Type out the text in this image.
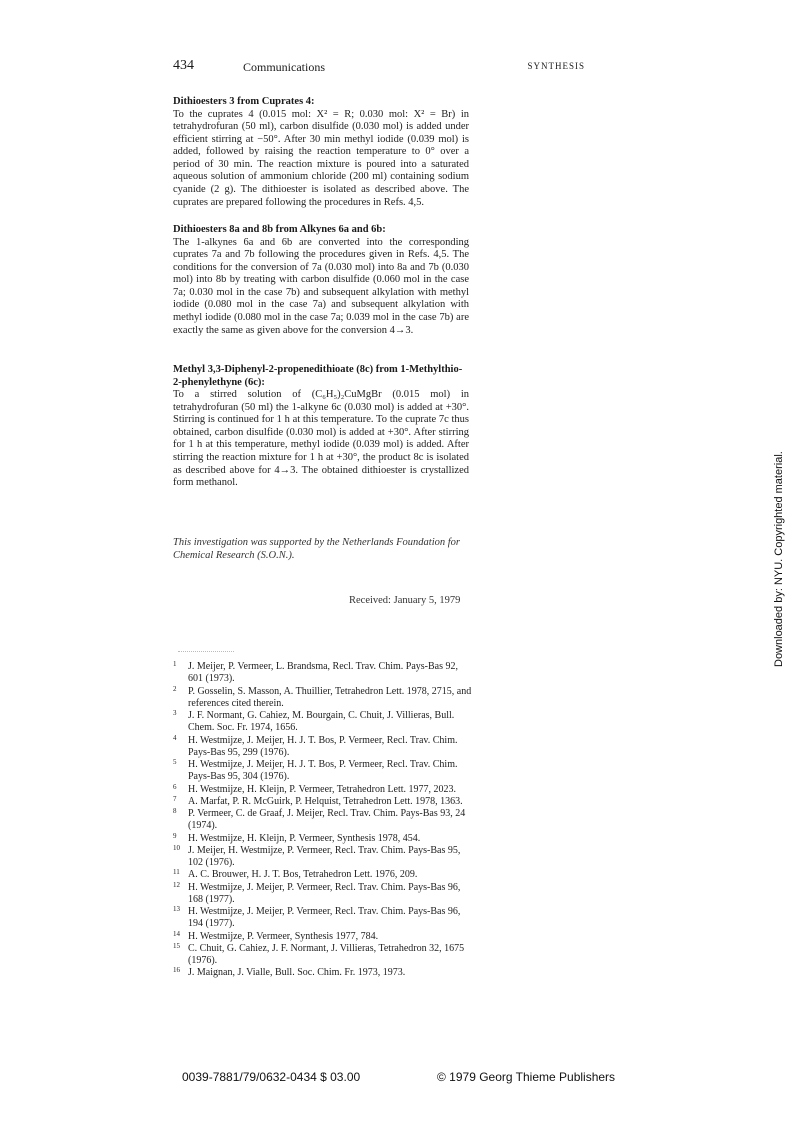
434	Communications	SYNTHESIS
Dithioesters 3 from Cuprates 4:

To the cuprates 4 (0.015 mol: X² = R; 0.030 mol: X² = Br) in tetrahydrofuran (50 ml), carbon disulfide (0.030 mol) is added under efficient stirring at −50°. After 30 min methyl iodide (0.039 mol) is added, followed by raising the reaction temperature to 0° over a period of 30 min. The reaction mixture is poured into a saturated aqueous solution of ammonium chloride (200 ml) containing sodium cyanide (2 g). The dithioester is isolated as described above. The cuprates are prepared following the procedures in Refs. 4,5.

Dithioesters 8a and 8b from Alkynes 6a and 6b:

The 1-alkynes 6a and 6b are converted into the corresponding cuprates 7a and 7b following the procedures given in Refs. 4,5. The conditions for the conversion of 7a (0.030 mol) into 8a and 7b (0.030 mol) into 8b by treating with carbon disulfide (0.060 mol in the case 7a; 0.030 mol in the case 7b) and subsequent alkylation with methyl iodide (0.080 mol in the case 7a) and subsequent alkylation with methyl iodide (0.080 mol in the case 7a; 0.039 mol in the case 7b) are exactly the same as given above for the conversion 4→3.

Methyl 3,3-Diphenyl-2-propenedithioate (8c) from 1-Methylthio-2-phenylethyne (6c):

To a stirred solution of (C₆H₅)₂CuMgBr (0.015 mol) in tetrahydrofuran (50 ml) the 1-alkyne 6c (0.030 mol) is added at +30°. Stirring is continued for 1 h at this temperature. To the cuprate 7c thus obtained, carbon disulfide (0.030 mol) is added at +30°. After stirring for 1 h at this temperature, methyl iodide (0.039 mol) is added. After stirring the reaction mixture for 1 h at +30°, the product 8c is isolated as described above for 4→3. The obtained dithioester is crystallized form methanol.

This investigation was supported by the Netherlands Foundation for Chemical Research (S.O.N.).
Received: January 5, 1979
1 J. Meijer, P. Vermeer, L. Brandsma, Recl. Trav. Chim. Pays-Bas 92, 601 (1973).
2 P. Gosselin, S. Masson, A. Thuillier, Tetrahedron Lett. 1978, 2715, and references cited therein.
3 J. F. Normant, G. Cahiez, M. Bourgain, C. Chuit, J. Villieras, Bull. Chem. Soc. Fr. 1974, 1656.
4 H. Westmijze, J. Meijer, H. J. T. Bos, P. Vermeer, Recl. Trav. Chim. Pays-Bas 95, 299 (1976).
5 H. Westmijze, J. Meijer, H. J. T. Bos, P. Vermeer, Recl. Trav. Chim. Pays-Bas 95, 304 (1976).
6 H. Westmijze, H. Kleijn, P. Vermeer, Tetrahedron Lett. 1977, 2023.
7 A. Marfat, P. R. McGuirk, P. Helquist, Tetrahedron Lett. 1978, 1363.
8 P. Vermeer, C. de Graaf, J. Meijer, Recl. Trav. Chim. Pays-Bas 93, 24 (1974).
9 H. Westmijze, H. Kleijn, P. Vermeer, Synthesis 1978, 454.
10 J. Meijer, H. Westmijze, P. Vermeer, Recl. Trav. Chim. Pays-Bas 95, 102 (1976).
11 A. C. Brouwer, H. J. T. Bos, Tetrahedron Lett. 1976, 209.
12 H. Westmijze, J. Meijer, P. Vermeer, Recl. Trav. Chim. Pays-Bas 96, 168 (1977).
13 H. Westmijze, J. Meijer, P. Vermeer, Recl. Trav. Chim. Pays-Bas 96, 194 (1977).
14 H. Westmijze, P. Vermeer, Synthesis 1977, 784.
15 C. Chuit, G. Cahiez, J. F. Normant, J. Villieras, Tetrahedron 32, 1675 (1976).
16 J. Maignan, J. Vialle, Bull. Soc. Chim. Fr. 1973, 1973.
0039-7881/79/0632-0434 $ 03.00	© 1979 Georg Thieme Publishers
Downloaded by: NYU. Copyrighted material.
